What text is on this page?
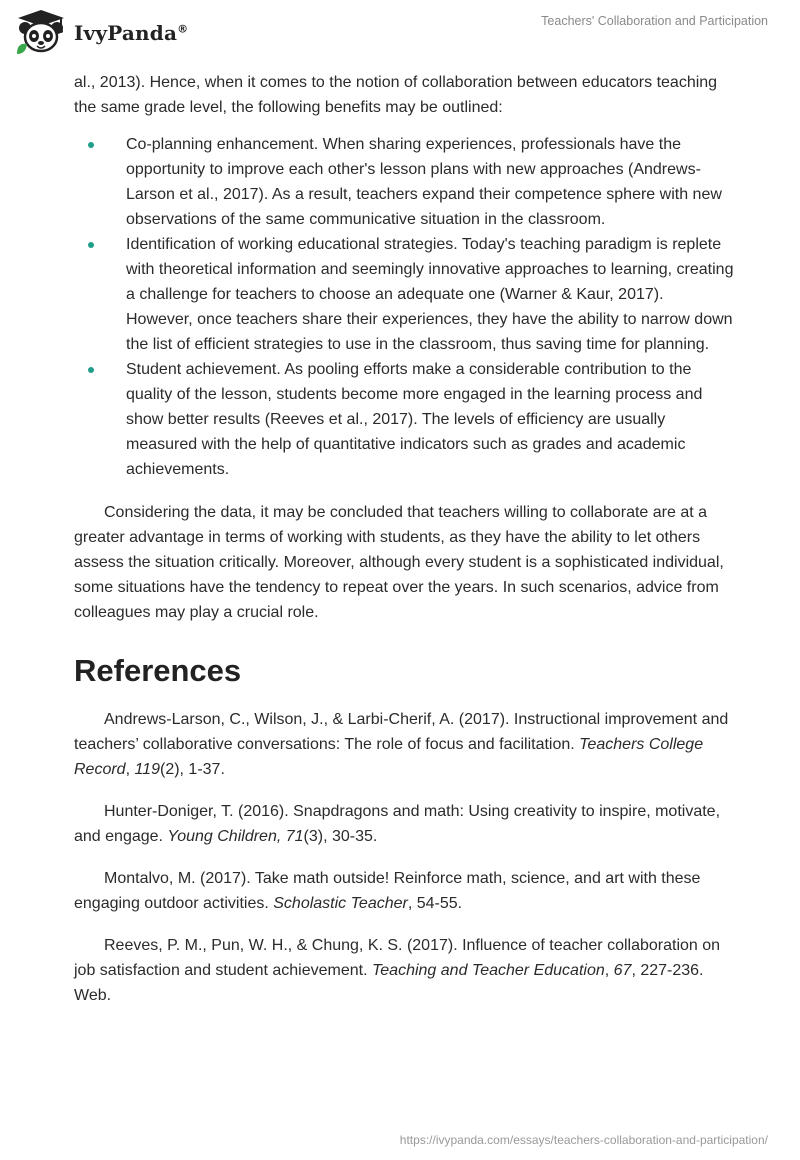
IvyPanda®
Teachers' Collaboration and Participation

al., 2013). Hence, when it comes to the notion of collaboration between educators teaching the same grade level, the following benefits may be outlined:

Co-planning enhancement. When sharing experiences, professionals have the opportunity to improve each other's lesson plans with new approaches (Andrews-Larson et al., 2017). As a result, teachers expand their competence sphere with new observations of the same communicative situation in the classroom.
Identification of working educational strategies. Today's teaching paradigm is replete with theoretical information and seemingly innovative approaches to learning, creating a challenge for teachers to choose an adequate one (Warner & Kaur, 2017). However, once teachers share their experiences, they have the ability to narrow down the list of efficient strategies to use in the classroom, thus saving time for planning.
Student achievement. As pooling efforts make a considerable contribution to the quality of the lesson, students become more engaged in the learning process and show better results (Reeves et al., 2017). The levels of efficiency are usually measured with the help of quantitative indicators such as grades and academic achievements.

Considering the data, it may be concluded that teachers willing to collaborate are at a greater advantage in terms of working with students, as they have the ability to let others assess the situation critically. Moreover, although every student is a sophisticated individual, some situations have the tendency to repeat over the years. In such scenarios, advice from colleagues may play a crucial role.

References

Andrews-Larson, C., Wilson, J., & Larbi-Cherif, A. (2017). Instructional improvement and teachers’ collaborative conversations: The role of focus and facilitation. Teachers College Record, 119(2), 1-37.

Hunter-Doniger, T. (2016). Snapdragons and math: Using creativity to inspire, motivate, and engage. Young Children, 71(3), 30-35.

Montalvo, M. (2017). Take math outside! Reinforce math, science, and art with these engaging outdoor activities. Scholastic Teacher, 54-55.

Reeves, P. M., Pun, W. H., & Chung, K. S. (2017). Influence of teacher collaboration on job satisfaction and student achievement. Teaching and Teacher Education, 67, 227-236. Web.

https://ivypanda.com/essays/teachers-collaboration-and-participation/
